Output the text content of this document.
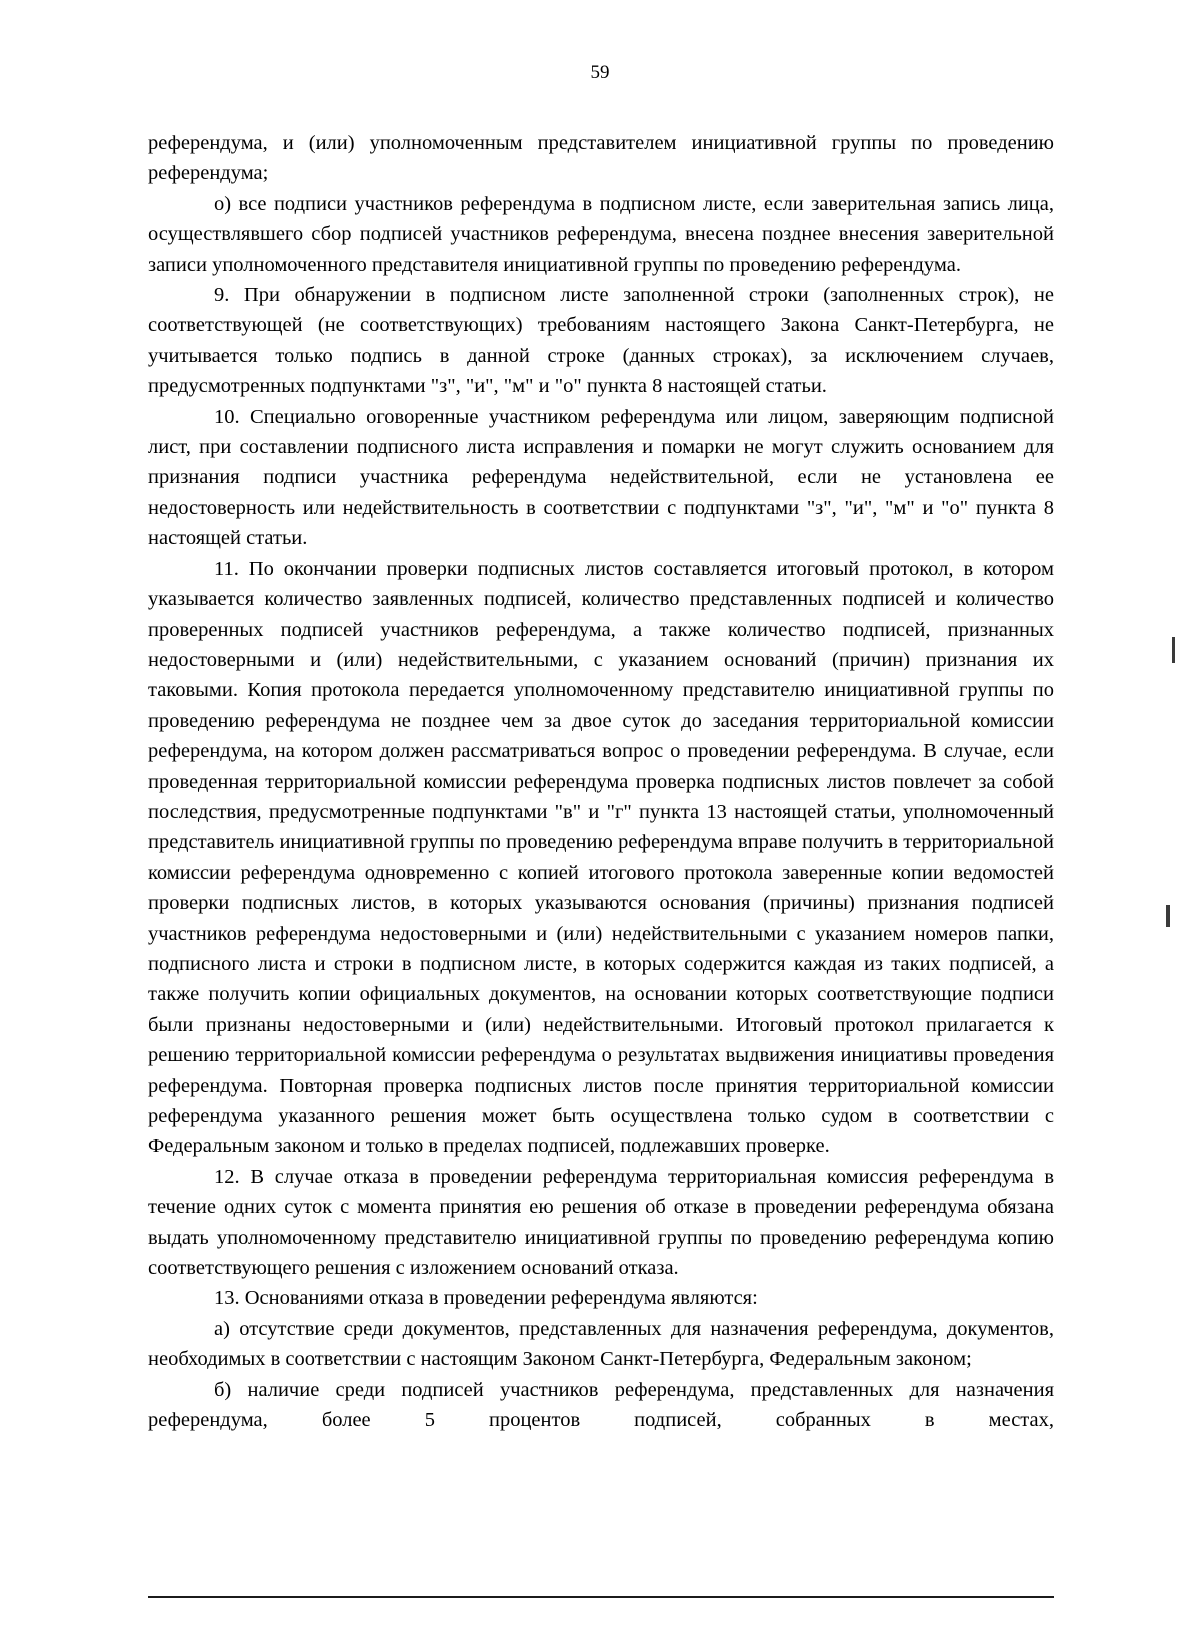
59

референдума, и (или) уполномоченным представителем инициативной группы по проведению референдума;

о) все подписи участников референдума в подписном листе, если заверительная запись лица, осуществлявшего сбор подписей участников референдума, внесена позднее внесения заверительной записи уполномоченного представителя инициативной группы по проведению референдума.

9. При обнаружении в подписном листе заполненной строки (заполненных строк), не соответствующей (не соответствующих) требованиям настоящего Закона Санкт-Петербурга, не учитывается только подпись в данной строке (данных строках), за исключением случаев, предусмотренных подпунктами "з", "и", "м" и "о" пункта 8 настоящей статьи.

10. Специально оговоренные участником референдума или лицом, заверяющим подписной лист, при составлении подписного листа исправления и помарки не могут служить основанием для признания подписи участника референдума недействительной, если не установлена ее недостоверность или недействительность в соответствии с подпунктами "з", "и", "м" и "о" пункта 8 настоящей статьи.

11. По окончании проверки подписных листов составляется итоговый протокол, в котором указывается количество заявленных подписей, количество представленных подписей и количество проверенных подписей участников референдума, а также количество подписей, признанных недостоверными и (или) недействительными, с указанием оснований (причин) признания их таковыми. Копия протокола передается уполномоченному представителю инициативной группы по проведению референдума не позднее чем за двое суток до заседания территориальной комиссии референдума, на котором должен рассматриваться вопрос о проведении референдума. В случае, если проведенная территориальной комиссии референдума проверка подписных листов повлечет за собой последствия, предусмотренные подпунктами "в" и "г" пункта 13 настоящей статьи, уполномоченный представитель инициативной группы по проведению референдума вправе получить в территориальной комиссии референдума одновременно с копией итогового протокола заверенные копии ведомостей проверки подписных листов, в которых указываются основания (причины) признания подписей участников референдума недостоверными и (или) недействительными с указанием номеров папки, подписного листа и строки в подписном листе, в которых содержится каждая из таких подписей, а также получить копии официальных документов, на основании которых соответствующие подписи были признаны недостоверными и (или) недействительными. Итоговый протокол прилагается к решению территориальной комиссии референдума о результатах выдвижения инициативы проведения референдума. Повторная проверка подписных листов после принятия территориальной комиссии референдума указанного решения может быть осуществлена только судом в соответствии с Федеральным законом и только в пределах подписей, подлежавших проверке.

12. В случае отказа в проведении референдума территориальная комиссия референдума в течение одних суток с момента принятия ею решения об отказе в проведении референдума обязана выдать уполномоченному представителю инициативной группы по проведению референдума копию соответствующего решения с изложением оснований отказа.

13. Основаниями отказа в проведении референдума являются:

а) отсутствие среди документов, представленных для назначения референдума, документов, необходимых в соответствии с настоящим Законом Санкт-Петербурга, Федеральным законом;

б) наличие среди подписей участников референдума, представленных для назначения референдума, более 5 процентов подписей, собранных в местах,
